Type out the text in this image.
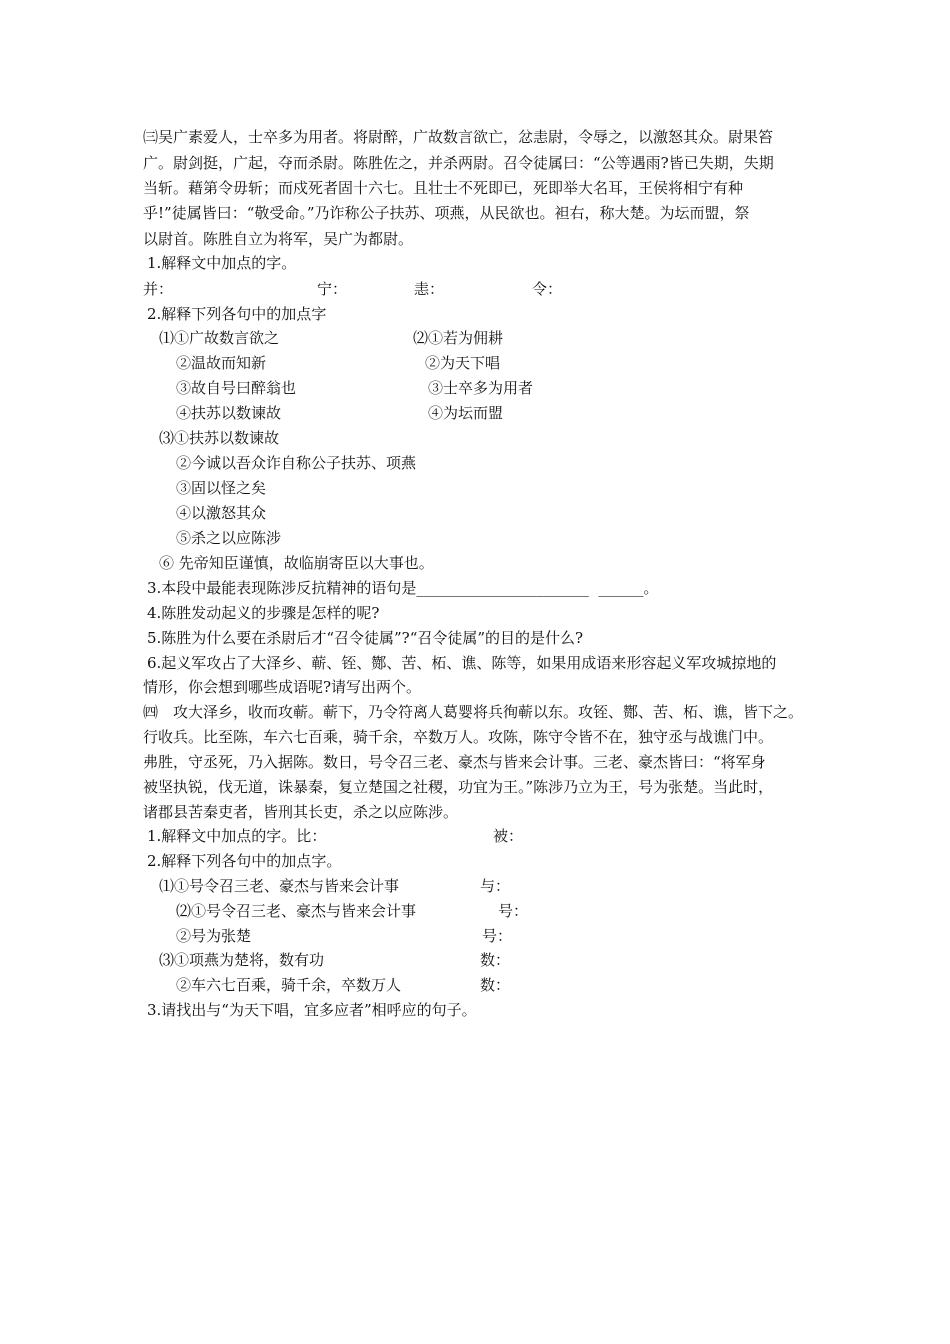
㈢吴广素爱人，士卒多为用者。将尉醉，广故数言欲亡，忿恚尉，令辱之，以激怒其众。尉果笞
广。尉剑挺，广起，夺而杀尉。陈胜佐之，并杀两尉。召令徒属曰：“公等遇雨?皆已失期，失期
当斩。藉第令毋斩；而戍死者固十六七。且壮士不死即已，死即举大名耳，王侯将相宁有种
乎!”徒属皆曰：“敬受命。”乃诈称公子扶苏、项燕，从民欲也。袒右，称大楚。为坛而盟，祭
以尉首。陈胜自立为将军，吴广为都尉。
1.解释文中加点的字。
并：	宁：	恚：	令：
2.解释下列各句中的加点字
⑴①广故数言欲之
②温故而知新
③故自号曰醉翁也
④扶苏以数谏故
⑵①若为佣耕
②为天下唱
③士卒多为用者
④为坛而盟
⑶①扶苏以数谏故
②今诚以吾众诈自称公子扶苏、项燕
③固以怪之矣
④以激怒其众
⑤杀之以应陈涉
⑥ 先帝知臣谨慎，故临崩寄臣以大事也。
3.本段中最能表现陈涉反抗精神的语句是_______________________  ______。
4.陈胜发动起义的步骤是怎样的呢?
5.陈胜为什么要在杀尉后才“召令徒属”?“召令徒属”的目的是什么?
6.起义军攻占了大泽乡、蕲、铚、酂、苦、柘、谯、陈等，如果用成语来形容起义军攻城掠地的
情形，你会想到哪些成语呢?请写出两个。
㈣　攻大泽乡，收而攻蕲。蕲下，乃令符离人葛婴将兵徇蕲以东。攻铚、酂、苦、柘、谯，皆下之。
行收兵。比至陈，车六七百乘，骑千余，卒数万人。攻陈，陈守令皆不在，独守丞与战谯门中。
弗胜，守丞死，乃入据陈。数日，号令召三老、豪杰与皆来会计事。三老、豪杰皆曰：“将军身
被坚执锐，伐无道，诛暴秦，复立楚国之社稷，功宜为王。”陈涉乃立为王，号为张楚。当此时，
诸郡县苦秦吏者，皆刑其长吏，杀之以应陈涉。
1.解释文中加点的字。比：	被：
2.解释下列各句中的加点字。
⑴①号令召三老、豪杰与皆来会计事	与：
⑵①号令召三老、豪杰与皆来会计事	号：
②号为张楚	号：
⑶①项燕为楚将，数有功	数：
②车六七百乘，骑千余，卒数万人	数：
3.请找出与“为天下唱，宜多应者”相呼应的句子。
